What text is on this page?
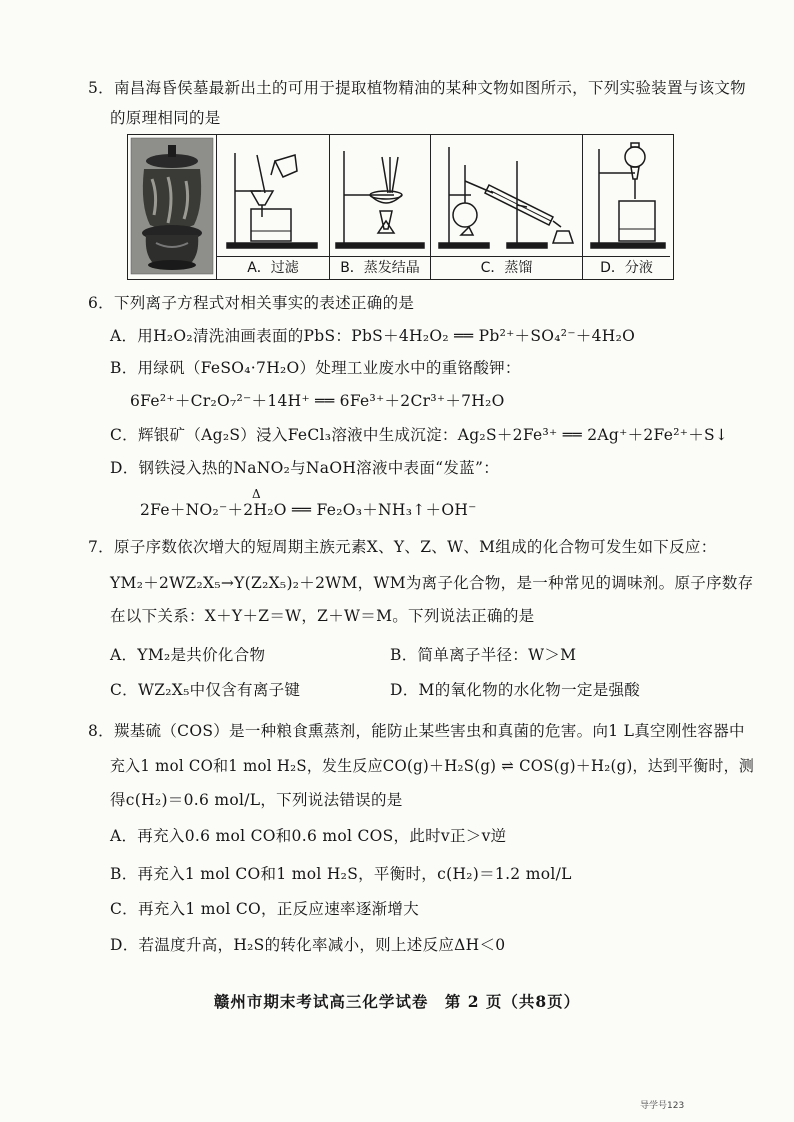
5．南昌海昏侯墓最新出土的可用于提取植物精油的某种文物如图所示，下列实验装置与该文物
的原理相同的是
A．过滤	B．蒸发结晶	C．蒸馏	D．分液
6．下列离子方程式对相关事实的表述正确的是
A．用H₂O₂清洗油画表面的PbS：PbS＋4H₂O₂ ══ Pb²⁺＋SO₄²⁻＋4H₂O
B．用绿矾（FeSO₄·7H₂O）处理工业废水中的重铬酸钾：
6Fe²⁺＋Cr₂O₇²⁻＋14H⁺ ══ 6Fe³⁺＋2Cr³⁺＋7H₂O
C．辉银矿（Ag₂S）浸入FeCl₃溶液中生成沉淀：Ag₂S＋2Fe³⁺ ══ 2Ag⁺＋2Fe²⁺＋S↓
D．钢铁浸入热的NaNO₂与NaOH溶液中表面“发蓝”：
Δ
2Fe＋NO₂⁻＋2H₂O ══ Fe₂O₃＋NH₃↑＋OH⁻
7．原子序数依次增大的短周期主族元素X、Y、Z、W、M组成的化合物可发生如下反应：
YM₂＋2WZ₂X₅→Y(Z₂X₅)₂＋2WM，WM为离子化合物，是一种常见的调味剂。原子序数存
在以下关系：X＋Y＋Z＝W，Z＋W＝M。下列说法正确的是
A．YM₂是共价化合物	B．简单离子半径：W＞M
C．WZ₂X₅中仅含有离子键	D．M的氧化物的水化物一定是强酸
8．羰基硫（COS）是一种粮食熏蒸剂，能防止某些害虫和真菌的危害。向1 L真空刚性容器中
充入1 mol CO和1 mol H₂S，发生反应CO(g)＋H₂S(g) ⇌ COS(g)＋H₂(g)，达到平衡时，测
得c(H₂)＝0.6 mol/L，下列说法错误的是
A．再充入0.6 mol CO和0.6 mol COS，此时v正＞v逆
B．再充入1 mol CO和1 mol H₂S，平衡时，c(H₂)＝1.2 mol/L
C．再充入1 mol CO，正反应速率逐渐增大
D．若温度升高，H₂S的转化率减小，则上述反应ΔH＜0
赣州市期末考试高三化学试卷　第 2 页（共8页）
导学号123
